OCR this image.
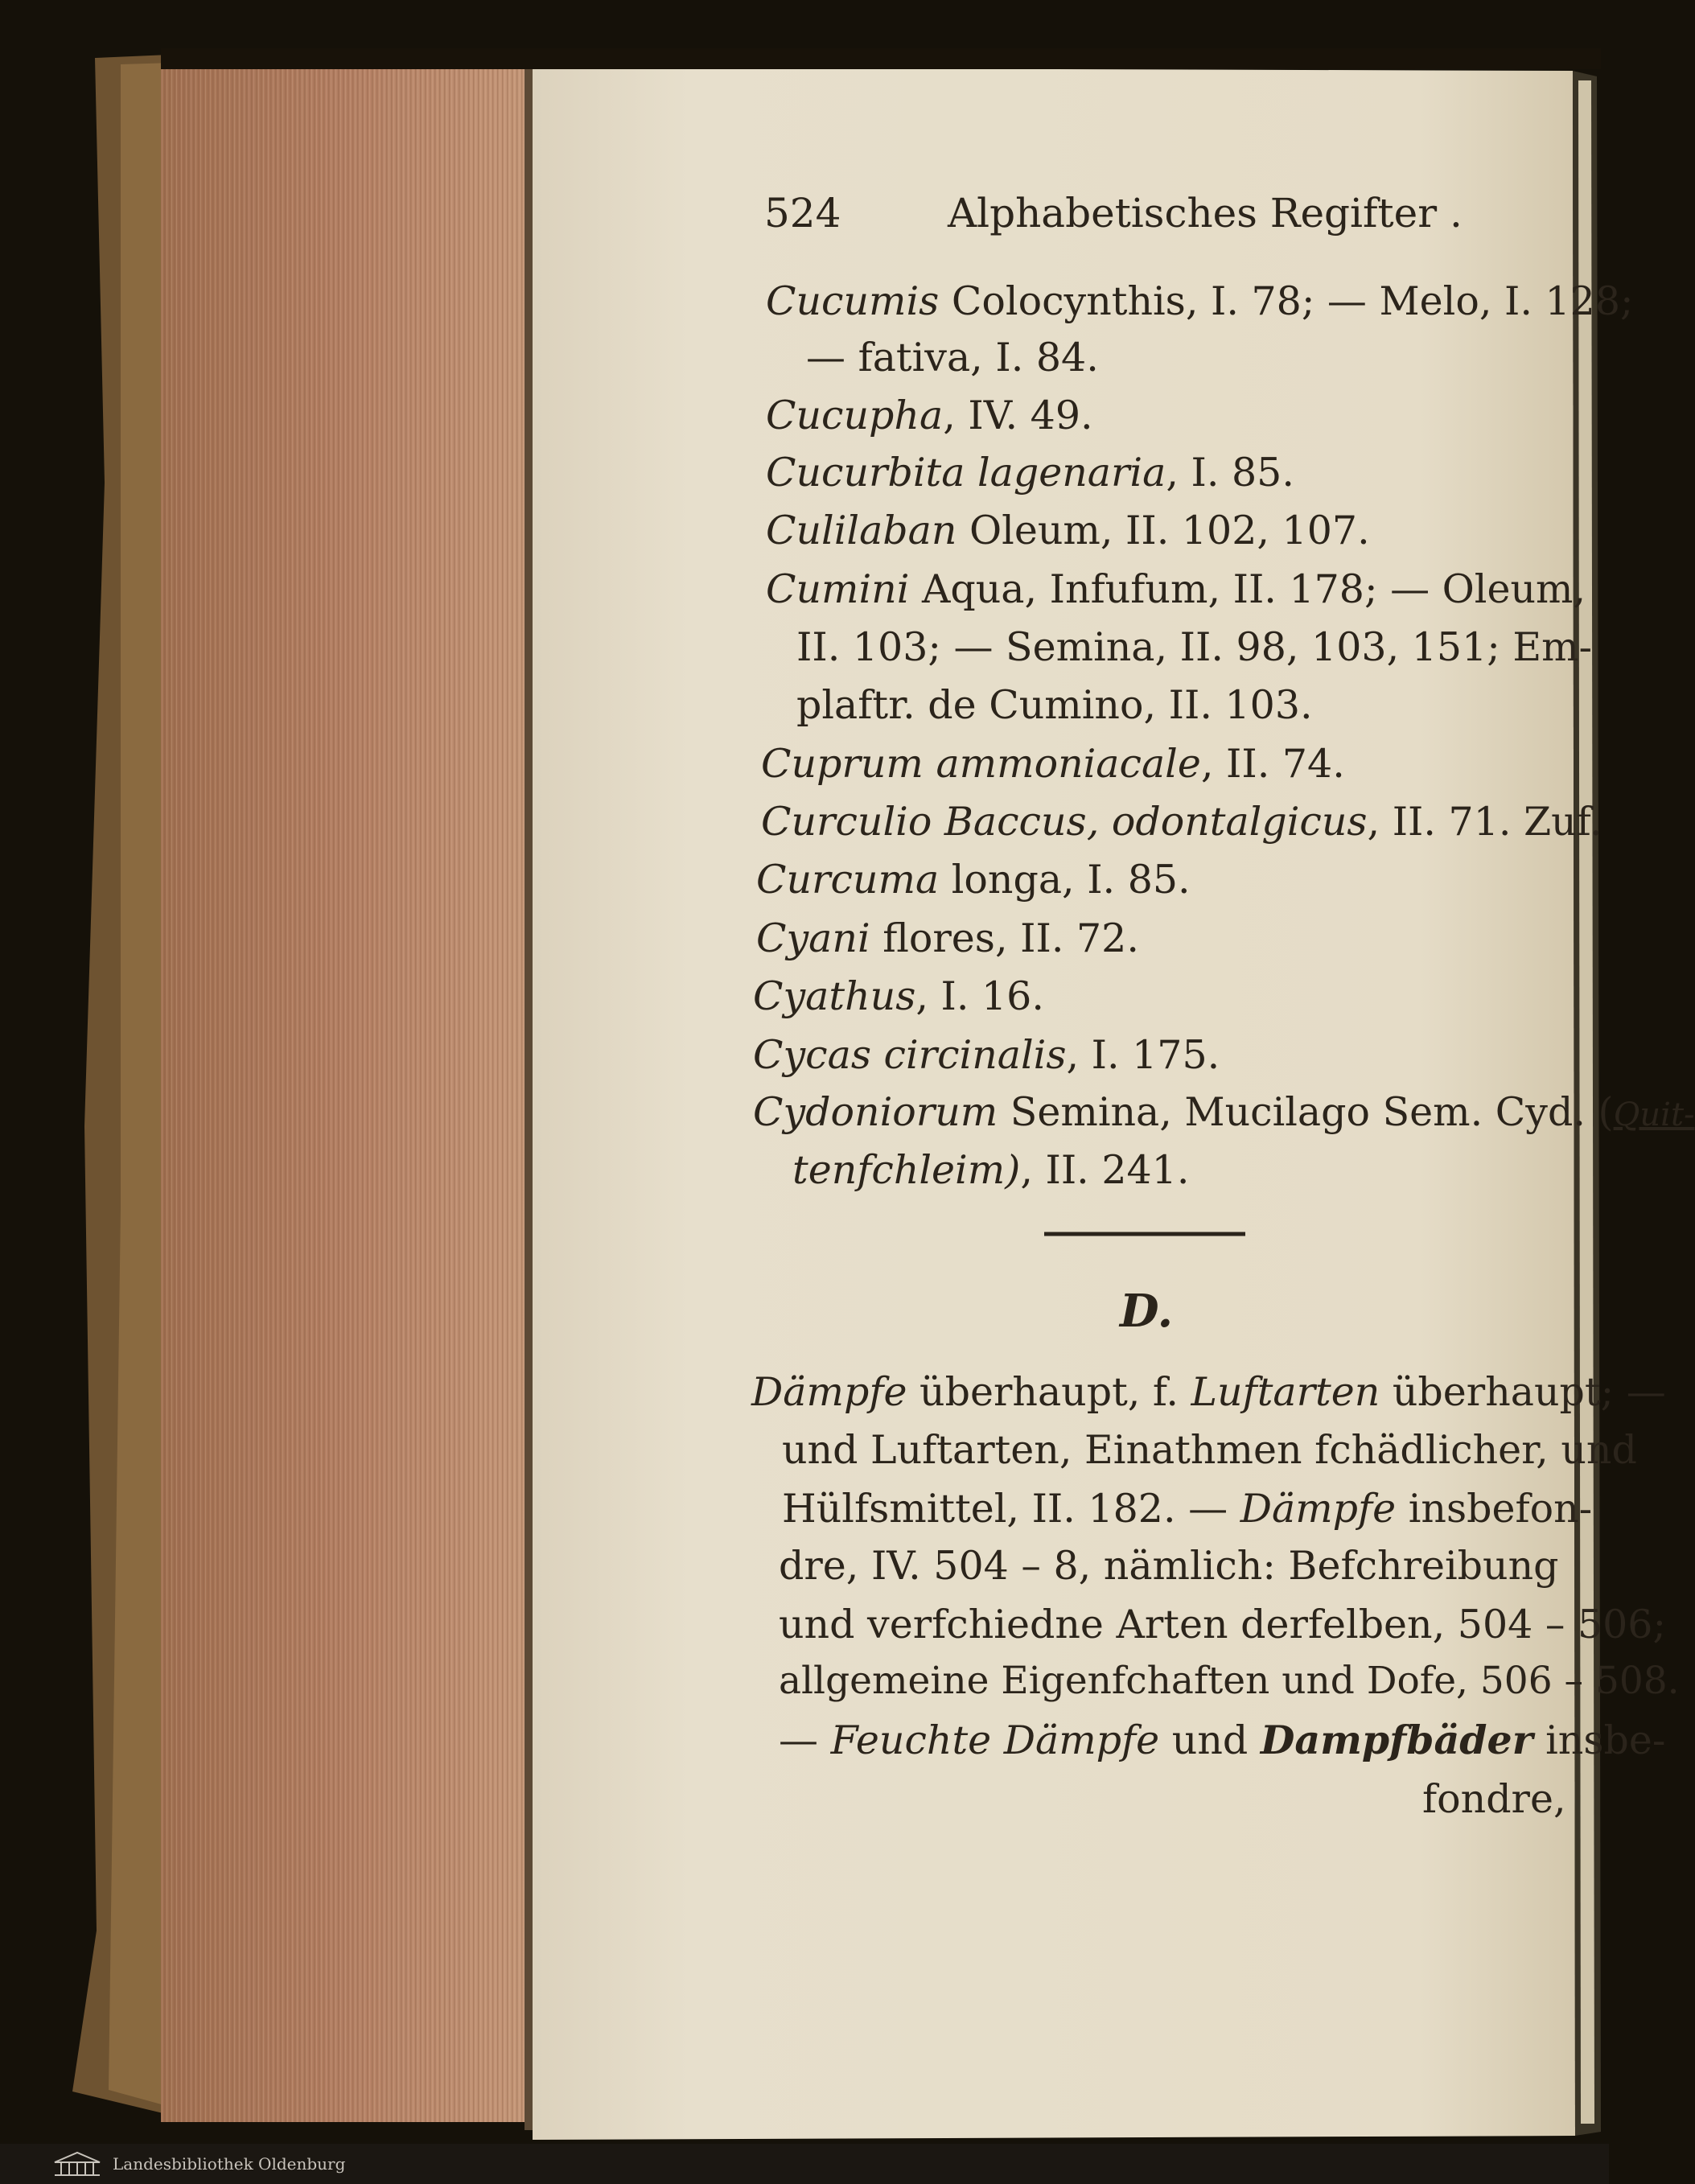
524	Alphabetisches Regifter .
Cucumis Colocynthis, I. 78; — Melo, I. 128;
— fativa, I. 84.
Cucupha, IV. 49.
Cucurbita lagenaria, I. 85.
Culilaban Oleum, II. 102, 107.
Cumini Aqua, Infufum, II. 178; — Oleum,
II. 103; — Semina, II. 98, 103, 151; Em-
plaftr. de Cumino, II. 103.
Cuprum ammoniacale, II. 74.
Curculio Baccus, odontalgicus, II. 71. Zuf.
Curcuma longa, I. 85.
Cyani flores, II. 72.
Cyathus, I. 16.
Cycas circinalis, I. 175.
Cydoniorum Semina, Mucilago Sem. Cyd. (Quit-
tenfchleim), II. 241.
D.
Dämpfe überhaupt, f. Luftarten überhaupt; —
und Luftarten, Einathmen fchädlicher, und
Hülfsmittel, II. 182. — Dämpfe insbefon-
dre, IV. 504 – 8, nämlich: Befchreibung
und verfchiedne Arten derfelben, 504 – 506;
allgemeine Eigenfchaften und Dofe, 506 – 508.
— Feuchte Dämpfe und Dampfbäder insbe-
fondre,
Landesbibliothek Oldenburg
